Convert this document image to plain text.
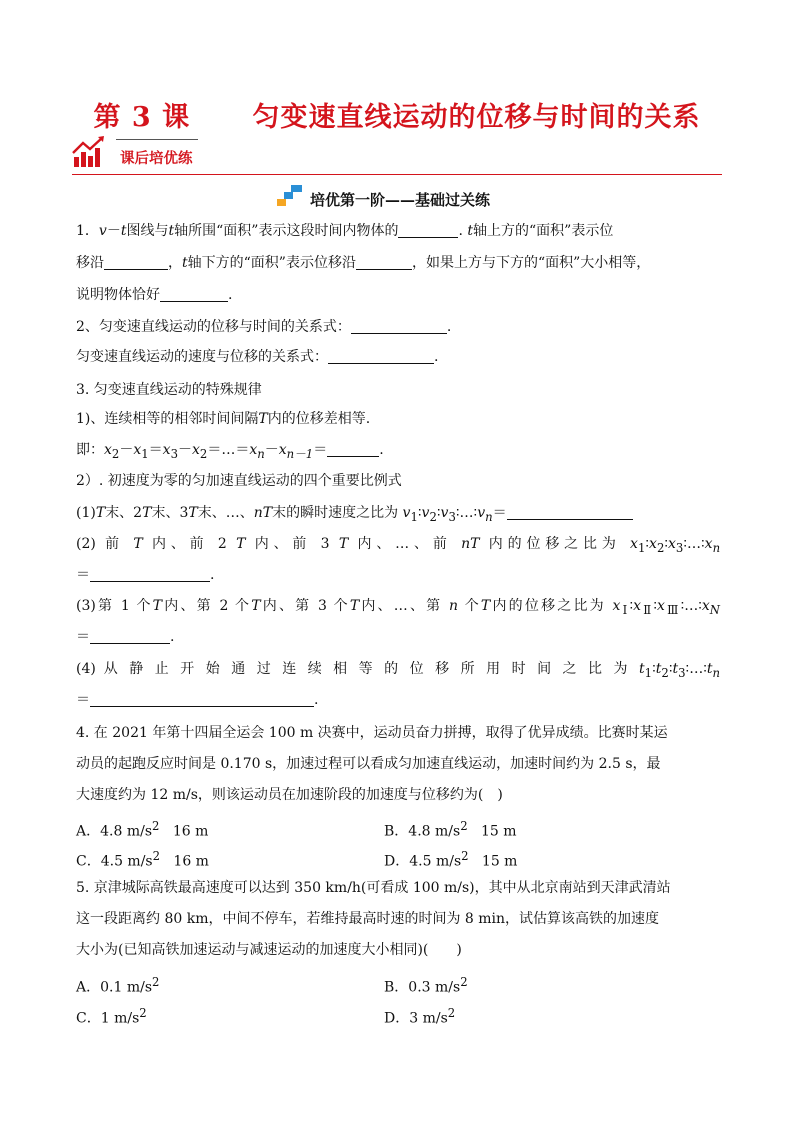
第 3 课      匀变速直线运动的位移与时间的关系
课后培优练
培优第一阶——基础过关练
1．v－t图线与t轴所围“面积”表示这段时间内物体的	. t轴上方的“面积”表示位
移沿	，t轴下方的“面积”表示位移沿	，如果上方与下方的“面积”大小相等，
说明物体恰好	.
2、匀变速直线运动的位移与时间的关系式：	.
匀变速直线运动的速度与位移的关系式：	.
3. 匀变速直线运动的特殊规律
1)、连续相等的相邻时间间隔T内的位移差相等.
即：$x_2-x_1=x_3-x_2=\dots=x_n-x_{n-1}=$	.
2）. 初速度为零的匀加速直线运动的四个重要比例式
(1)T末、2T末、3T末、…、nT末的瞬时速度之比为 $v_1∶v_2∶v_3∶\dots∶v_n=$
(2) 前 T 内、前 2 T 内、前 3 T 内、…、前 nT 内的位移之比为 $x_1∶x_2∶x_3∶\dots∶x_n$
＝	.
(3)第 1 个T内、第 2 个T内、第 3 个T内、…、第 n 个T内的位移之比为 $x_Ⅰ∶x_Ⅱ∶x_Ⅲ∶\dots∶x_N$
＝	.
(4) 从 静 止 开 始 通 过 连 续 相 等 的 位 移 所 用 时 间 之 比 为 $t_1∶t_2∶t_3∶\dots∶t_n$
＝	.
4. 在 2021 年第十四届全运会 100 m 决赛中，运动员奋力拼搏，取得了优异成绩。比赛时某运
动员的起跑反应时间是 0.170 s，加速过程可以看成匀加速直线运动，加速时间约为 2.5 s，最
大速度约为 12 m/s，则该运动员在加速阶段的加速度与位移约为(　)
A．4.8 $m/s^2$ 16 m	B．4.8 $m/s^2$ 15 m
C．4.5 $m/s^2$ 16 m	D．4.5 $m/s^2$ 15 m
5. 京津城际高铁最高速度可以达到 350 km/h(可看成 100 m/s)，其中从北京南站到天津武清站
这一段距离约 80 km，中间不停车，若维持最高时速的时间为 8 min，试估算该高铁的加速度
大小为(已知高铁加速运动与减速运动的加速度大小相同)(　　)
A．0.1 $m/s^2$	B．0.3 $m/s^2$
C．1 $m/s^2$	D．3 $m/s^2$
